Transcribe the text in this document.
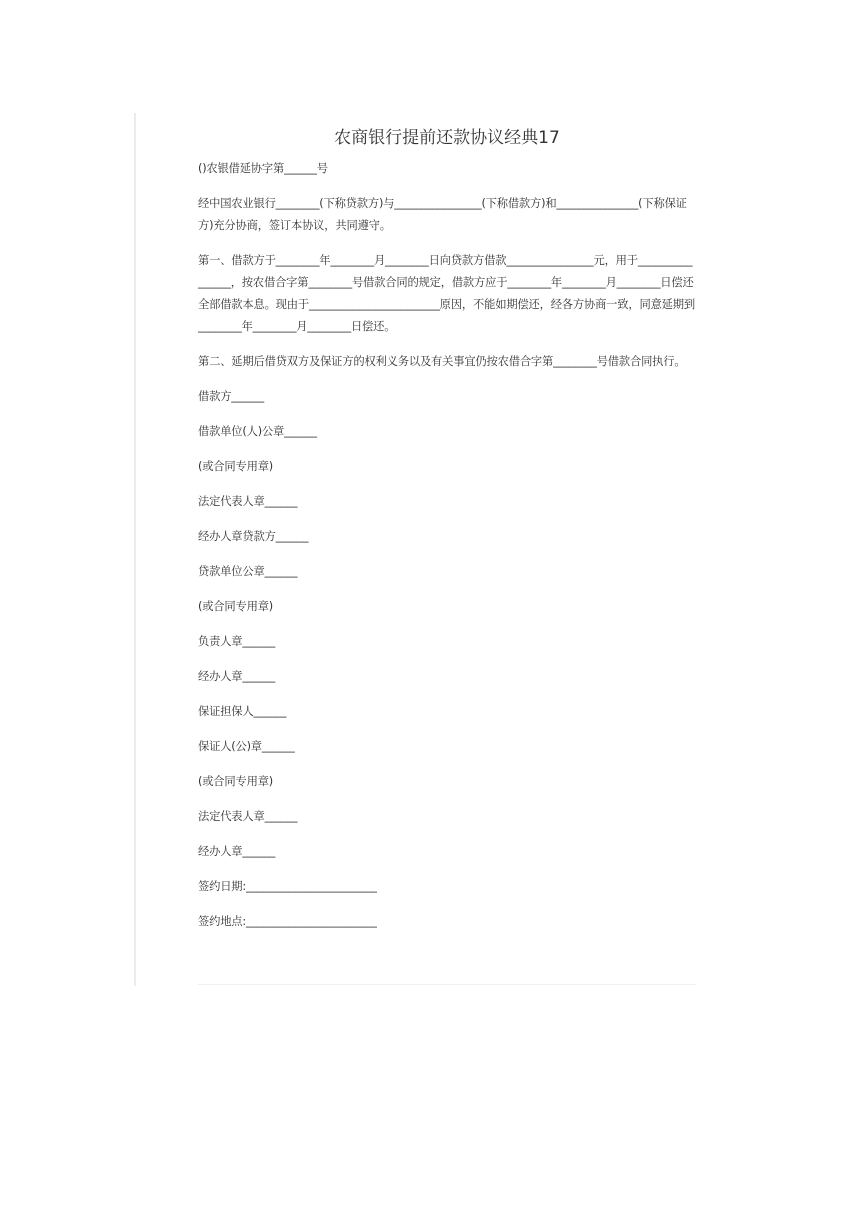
农商银行提前还款协议经典17

()农银借延协字第______号

经中国农业银行________(下称贷款方)与________________(下称借款方)和_______________(下称保证方)充分协商，签订本协议，共同遵守。

第一、借款方于________年________月________日向贷款方借款________________元，用于________________，按农借合字第________号借款合同的规定，借款方应于________年________月________日偿还全部借款本息。现由于________________________原因，不能如期偿还，经各方协商一致，同意延期到________年________月________日偿还。

第二、延期后借贷双方及保证方的权利义务以及有关事宜仍按农借合字第________号借款合同执行。

借款方______
借款单位(人)公章______
(或合同专用章)
法定代表人章______
经办人章贷款方______
贷款单位公章______
(或合同专用章)
负责人章______
经办人章______
保证担保人______
保证人(公)章______
(或合同专用章)
法定代表人章______
经办人章______
签约日期:________________________
签约地点:________________________
